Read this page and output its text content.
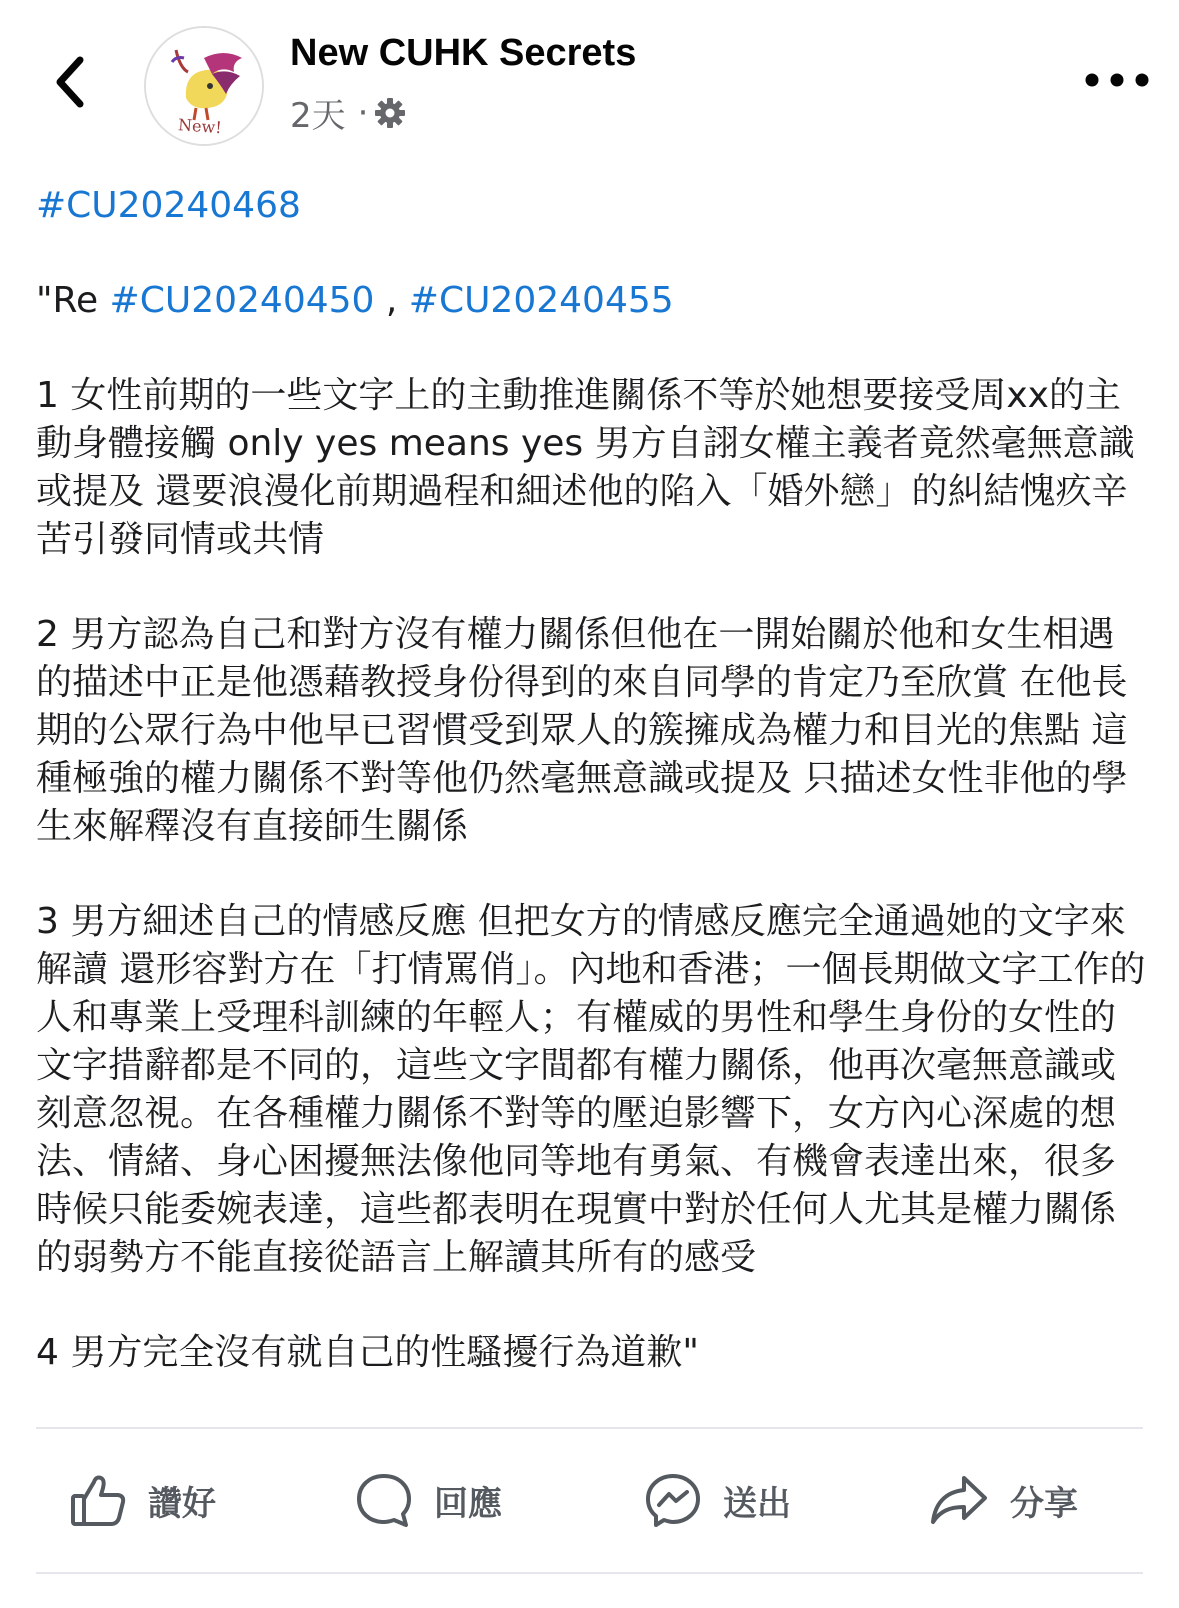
New!
New CUHK Secrets
2天 ·
#CU20240468
"Re #CU20240450 , #CU20240455
1 女性前期的一些文字上的主動推進關係不等於她想要接受周xx的主動身體接觸 only yes means yes 男方自詡女權主義者竟然毫無意識或提及 還要浪漫化前期過程和細述他的陷入「婚外戀」的糾結愧疚辛苦引發同情或共情
2 男方認為自己和對方沒有權力關係但他在一開始關於他和女生相遇的描述中正是他憑藉教授身份得到的來自同學的肯定乃至欣賞 在他長期的公眾行為中他早已習慣受到眾人的簇擁成為權力和目光的焦點 這種極強的權力關係不對等他仍然毫無意識或提及 只描述女性非他的學生來解釋沒有直接師生關係
3 男方細述自己的情感反應 但把女方的情感反應完全通過她的文字來解讀 還形容對方在「打情罵俏」。內地和香港；一個長期做文字工作的人和專業上受理科訓練的年輕人；有權威的男性和學生身份的女性的文字措辭都是不同的，這些文字間都有權力關係，他再次毫無意識或刻意忽視。在各種權力關係不對等的壓迫影響下，女方內心深處的想法、情緒、身心困擾無法像他同等地有勇氣、有機會表達出來，很多時候只能委婉表達，這些都表明在現實中對於任何人尤其是權力關係的弱勢方不能直接從語言上解讀其所有的感受
4 男方完全沒有就自己的性騷擾行為道歉"
讚好	回應	送出	分享
